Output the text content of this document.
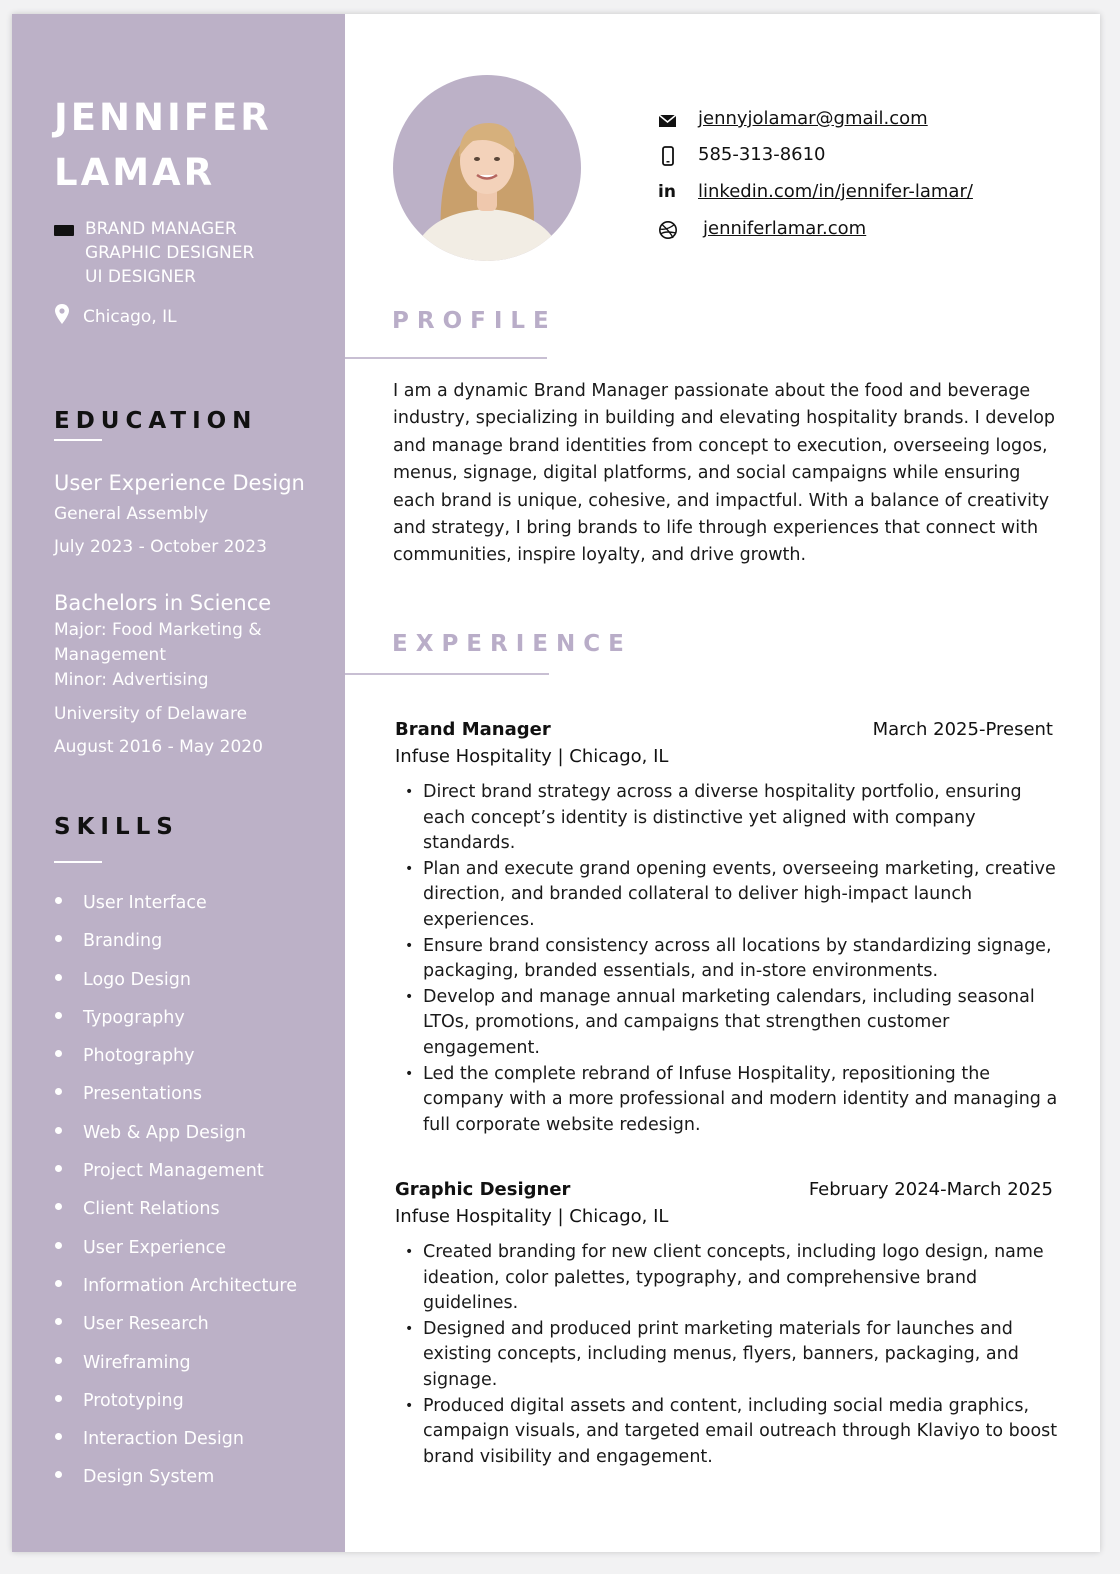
JENNIFER
LAMAR
BRAND MANAGER
GRAPHIC DESIGNER
UI DESIGNER
Chicago, IL
EDUCATION
User Experience Design
General Assembly
July 2023 - October 2023
Bachelors in Science
Major: Food Marketing &
Management
Minor: Advertising
University of Delaware
August 2016 - May 2020
SKILLS
User Interface
Branding
Logo Design
Typography
Photography
Presentations
Web & App Design
Project Management
Client Relations
User Experience
Information Architecture
User Research
Wireframing
Prototyping
Interaction Design
Design System
jennyjolamar@gmail.com
585-313-8610
in linkedin.com/in/jennifer-lamar/
jenniferlamar.com
PROFILE

I am a dynamic Brand Manager passionate about the food and beverage industry, specializing in building and elevating hospitality brands. I develop and manage brand identities from concept to execution, overseeing logos, menus, signage, digital platforms, and social campaigns while ensuring each brand is unique, cohesive, and impactful. With a balance of creativity and strategy, I bring brands to life through experiences that connect with communities, inspire loyalty, and drive growth.

EXPERIENCE
Brand Manager	March 2025-Present
Infuse Hospitality | Chicago, IL
• Direct brand strategy across a diverse hospitality portfolio, ensuring each concept’s identity is distinctive yet aligned with company standards.
• Plan and execute grand opening events, overseeing marketing, creative direction, and branded collateral to deliver high-impact launch experiences.
• Ensure brand consistency across all locations by standardizing signage, packaging, branded essentials, and in-store environments.
• Develop and manage annual marketing calendars, including seasonal LTOs, promotions, and campaigns that strengthen customer engagement.
• Led the complete rebrand of Infuse Hospitality, repositioning the company with a more professional and modern identity and managing a full corporate website redesign.
Graphic Designer	February 2024-March 2025
Infuse Hospitality | Chicago, IL
• Created branding for new client concepts, including logo design, name ideation, color palettes, typography, and comprehensive brand guidelines.
• Designed and produced print marketing materials for launches and existing concepts, including menus, flyers, banners, packaging, and signage.
• Produced digital assets and content, including social media graphics, campaign visuals, and targeted email outreach through Klaviyo to boost brand visibility and engagement.
